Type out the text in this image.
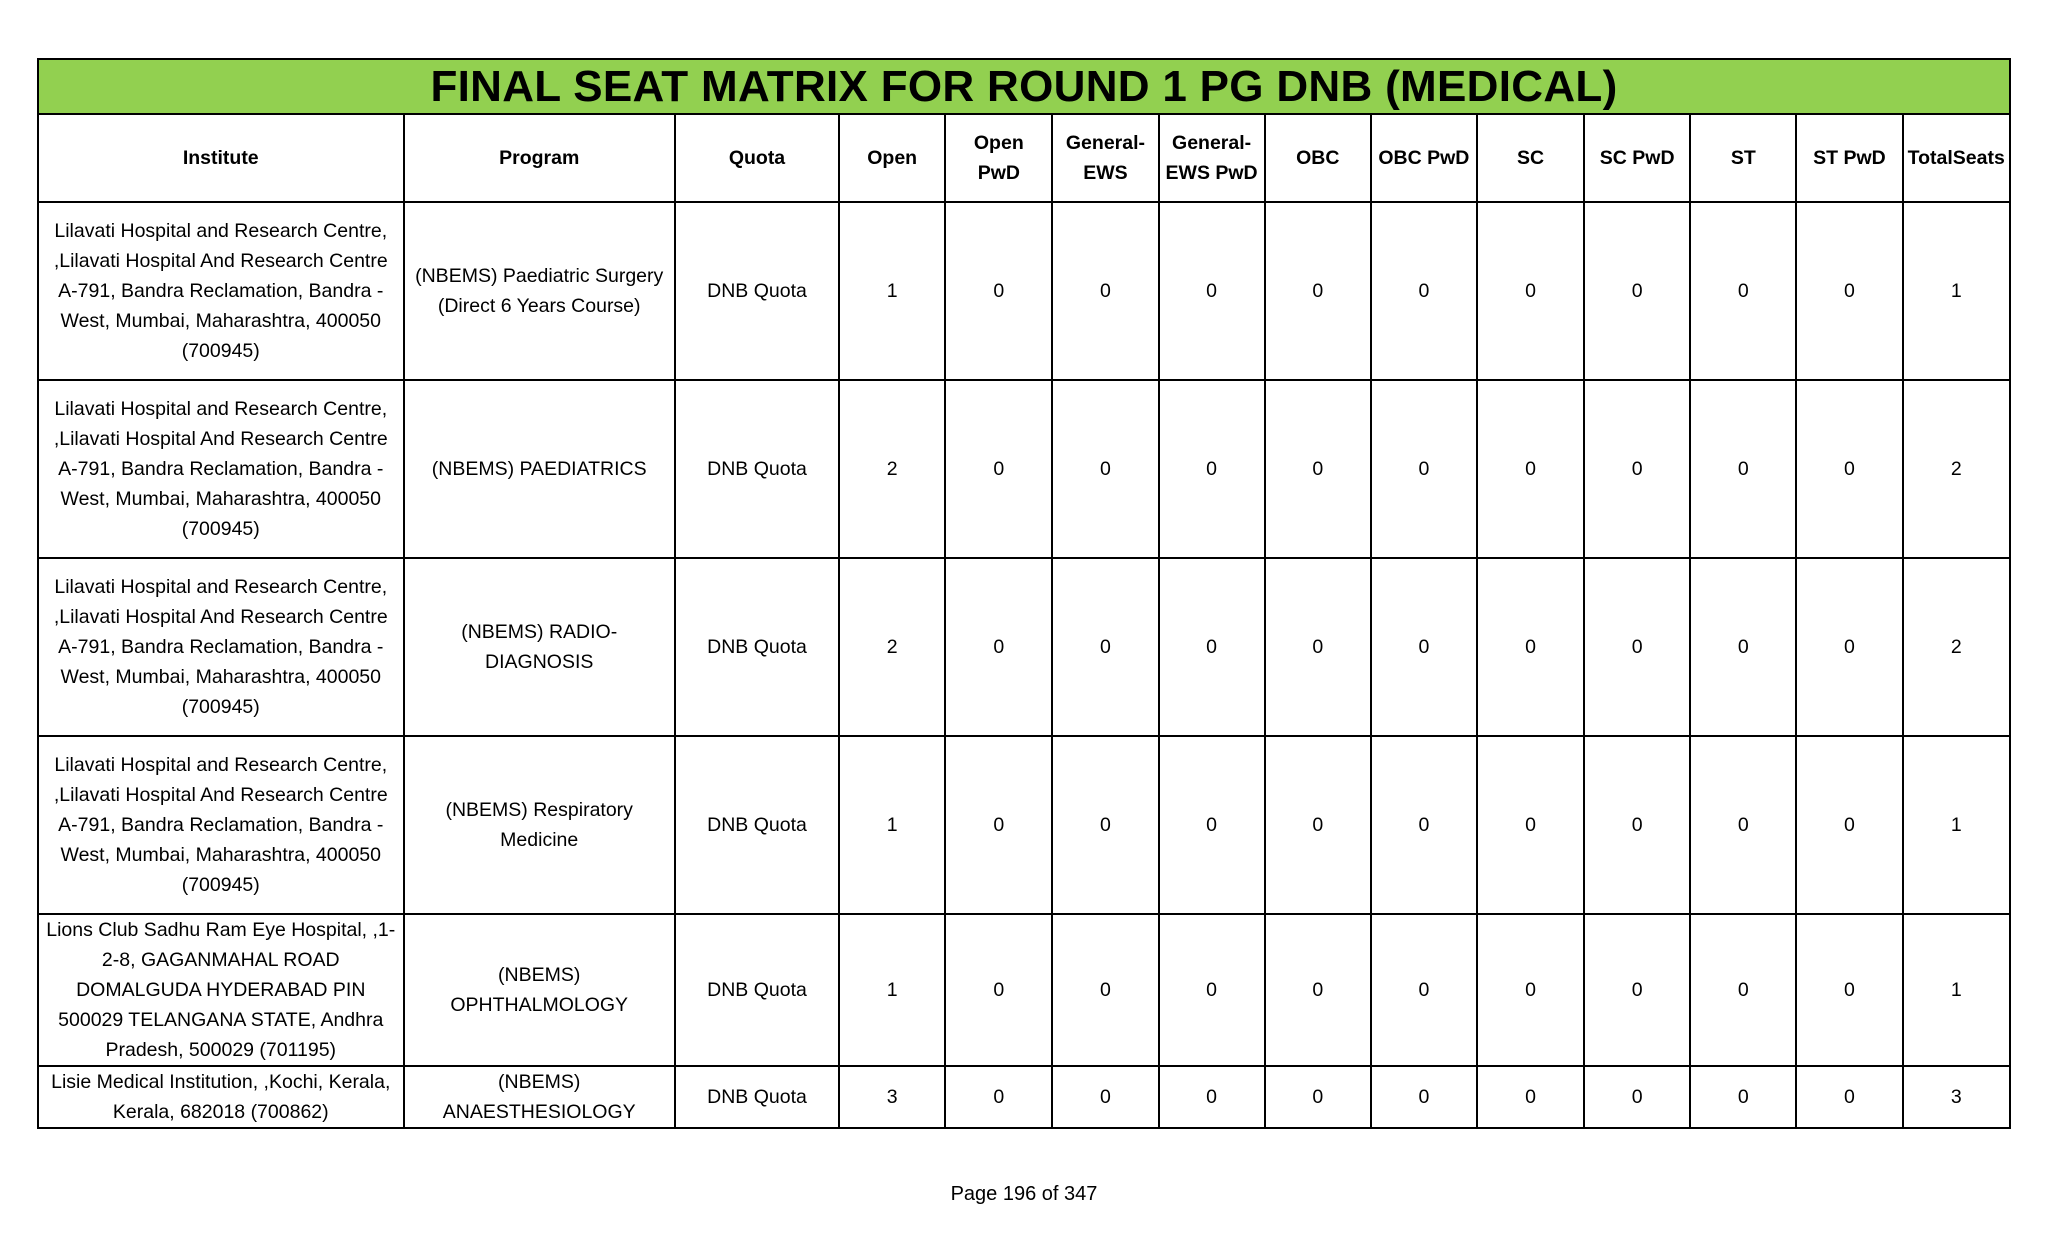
FINAL SEAT MATRIX FOR ROUND 1 PG DNB (MEDICAL)													
Institute	Program	Quota	Open	Open PwD	General-EWS	General-EWS PwD	OBC	OBC PwD	SC	SC PwD	ST	ST PwD	TotalSeats
Lilavati Hospital and Research Centre, ,Lilavati Hospital And Research Centre A-791, Bandra Reclamation, Bandra - West, Mumbai, Maharashtra, 400050 (700945)	(NBEMS) Paediatric Surgery (Direct 6 Years Course)	DNB Quota	1	0	0	0	0	0	0	0	0	0	1
Lilavati Hospital and Research Centre, ,Lilavati Hospital And Research Centre A-791, Bandra Reclamation, Bandra - West, Mumbai, Maharashtra, 400050 (700945)	(NBEMS) PAEDIATRICS	DNB Quota	2	0	0	0	0	0	0	0	0	0	2
Lilavati Hospital and Research Centre, ,Lilavati Hospital And Research Centre A-791, Bandra Reclamation, Bandra - West, Mumbai, Maharashtra, 400050 (700945)	(NBEMS) RADIO-DIAGNOSIS	DNB Quota	2	0	0	0	0	0	0	0	0	0	2
Lilavati Hospital and Research Centre, ,Lilavati Hospital And Research Centre A-791, Bandra Reclamation, Bandra - West, Mumbai, Maharashtra, 400050 (700945)	(NBEMS) Respiratory Medicine	DNB Quota	1	0	0	0	0	0	0	0	0	0	1
Lions Club Sadhu Ram Eye Hospital, ,1-2-8, GAGANMAHAL ROAD DOMALGUDA HYDERABAD PIN 500029 TELANGANA STATE, Andhra Pradesh, 500029 (701195)	(NBEMS) OPHTHALMOLOGY	DNB Quota	1	0	0	0	0	0	0	0	0	0	1
Lisie Medical Institution, ,Kochi, Kerala, Kerala, 682018 (700862)	(NBEMS) ANAESTHESIOLOGY	DNB Quota	3	0	0	0	0	0	0	0	0	0	3
Page 196 of 347
